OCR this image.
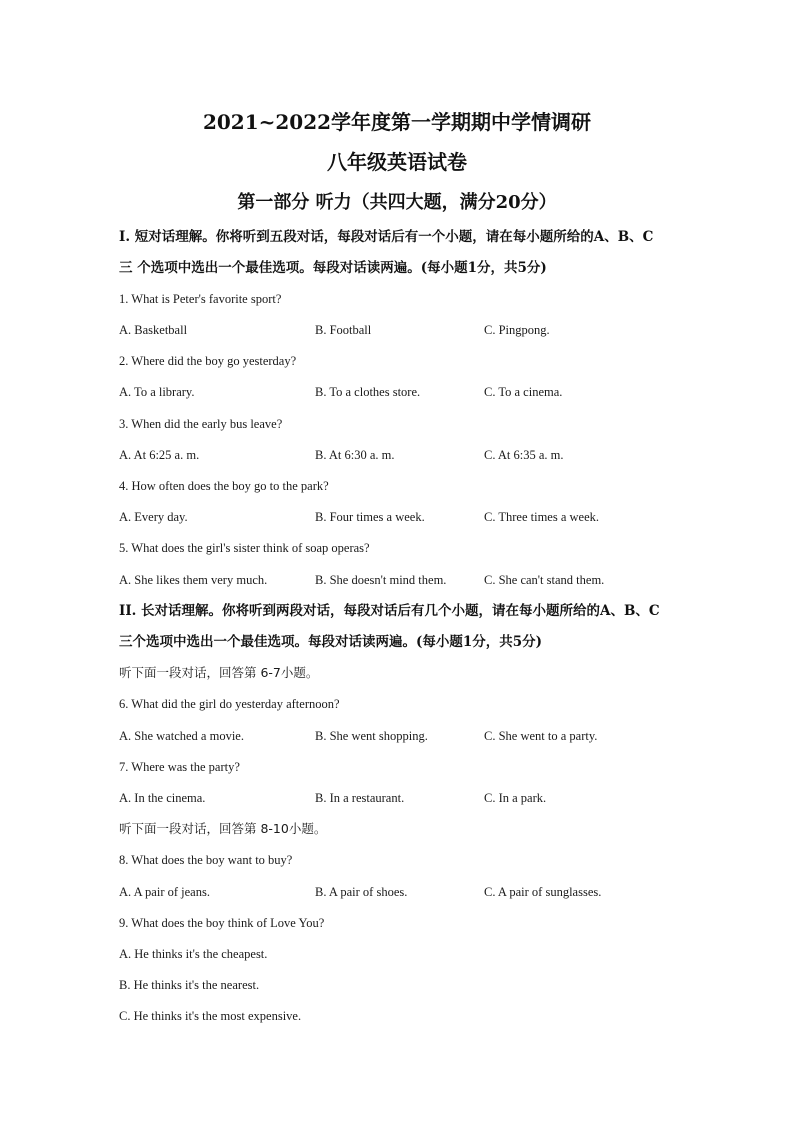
2021~2022学年度第一学期期中学情调研
八年级英语试卷
第一部分 听力（共四大题，满分20分）
I. 短对话理解。你将听到五段对话，每段对话后有一个小题，请在每小题所给的A、B、C
三 个选项中选出一个最佳选项。每段对话读两遍。(每小题1分，共5分)
1. What is Peter's favorite sport?
A. Basketball	B. Football	C. Pingpong.
2. Where did the boy go yesterday?
A. To a library.	B. To a clothes store.	C. To a cinema.
3. When did the early bus leave?
A. At 6:25 a. m.	B. At 6:30 a. m.	C. At 6:35 a. m.
4. How often does the boy go to the park?
A. Every day.	B. Four times a week.	C. Three times a week.
5. What does the girl's sister think of soap operas?
A. She likes them very much.	B. She doesn't mind them.	C. She can't stand them.
II. 长对话理解。你将听到两段对话，每段对话后有几个小题，请在每小题所给的A、B、C
三个选项中选出一个最佳选项。每段对话读两遍。(每小题1分，共5分)
听下面一段对话，回答第 6-7小题。
6. What did the girl do yesterday afternoon?
A. She watched a movie.	B. She went shopping.	C. She went to a party.
7. Where was the party?
A. In the cinema.	B. In a restaurant.	C. In a park.
听下面一段对话，回答第 8-10小题。
8. What does the boy want to buy?
A. A pair of jeans.	B. A pair of shoes.	C. A pair of sunglasses.
9. What does the boy think of Love You?
A. He thinks it's the cheapest.
B. He thinks it's the nearest.
C. He thinks it's the most expensive.
